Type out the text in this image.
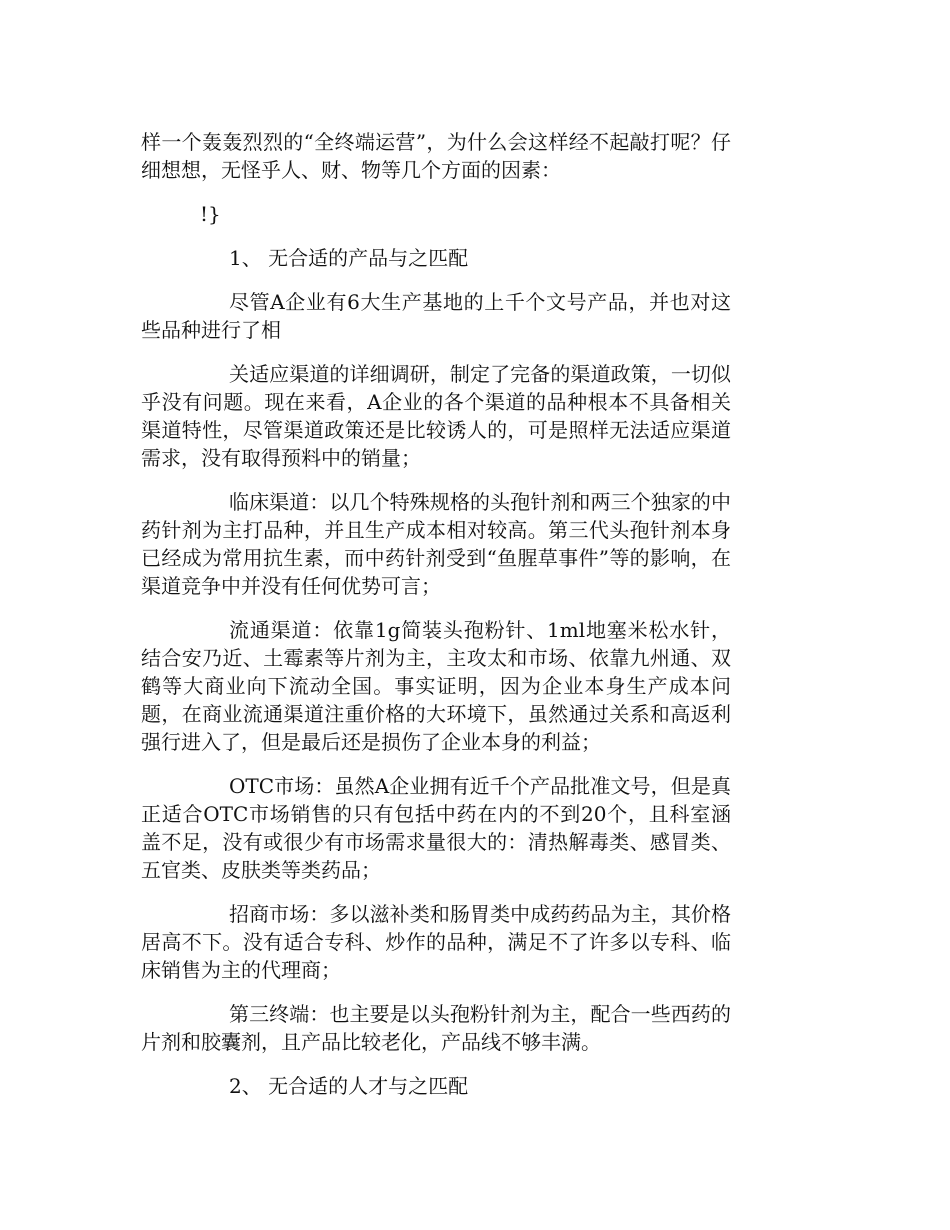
样一个轰轰烈烈的“全终端运营”，为什么会这样经不起敲打呢？仔细想想，无怪乎人、财、物等几个方面的因素：

!}

1、 无合适的产品与之匹配

尽管A企业有6大生产基地的上千个文号产品，并也对这些品种进行了相

关适应渠道的详细调研，制定了完备的渠道政策，一切似乎没有问题。现在来看，A企业的各个渠道的品种根本不具备相关渠道特性，尽管渠道政策还是比较诱人的，可是照样无法适应渠道需求，没有取得预料中的销量；

临床渠道：以几个特殊规格的头孢针剂和两三个独家的中药针剂为主打品种，并且生产成本相对较高。第三代头孢针剂本身已经成为常用抗生素，而中药针剂受到“鱼腥草事件”等的影响，在渠道竞争中并没有任何优势可言；

流通渠道：依靠1g简装头孢粉针、1ml地塞米松水针，结合安乃近、土霉素等片剂为主，主攻太和市场、依靠九州通、双鹤等大商业向下流动全国。事实证明，因为企业本身生产成本问题，在商业流通渠道注重价格的大环境下，虽然通过关系和高返利强行进入了，但是最后还是损伤了企业本身的利益；

OTC市场：虽然A企业拥有近千个产品批准文号，但是真正适合OTC市场销售的只有包括中药在内的不到20个，且科室涵盖不足，没有或很少有市场需求量很大的：清热解毒类、感冒类、五官类、皮肤类等类药品；

招商市场：多以滋补类和肠胃类中成药药品为主，其价格居高不下。没有适合专科、炒作的品种，满足不了许多以专科、临床销售为主的代理商；

第三终端：也主要是以头孢粉针剂为主，配合一些西药的片剂和胶囊剂，且产品比较老化，产品线不够丰满。

2、 无合适的人才与之匹配
